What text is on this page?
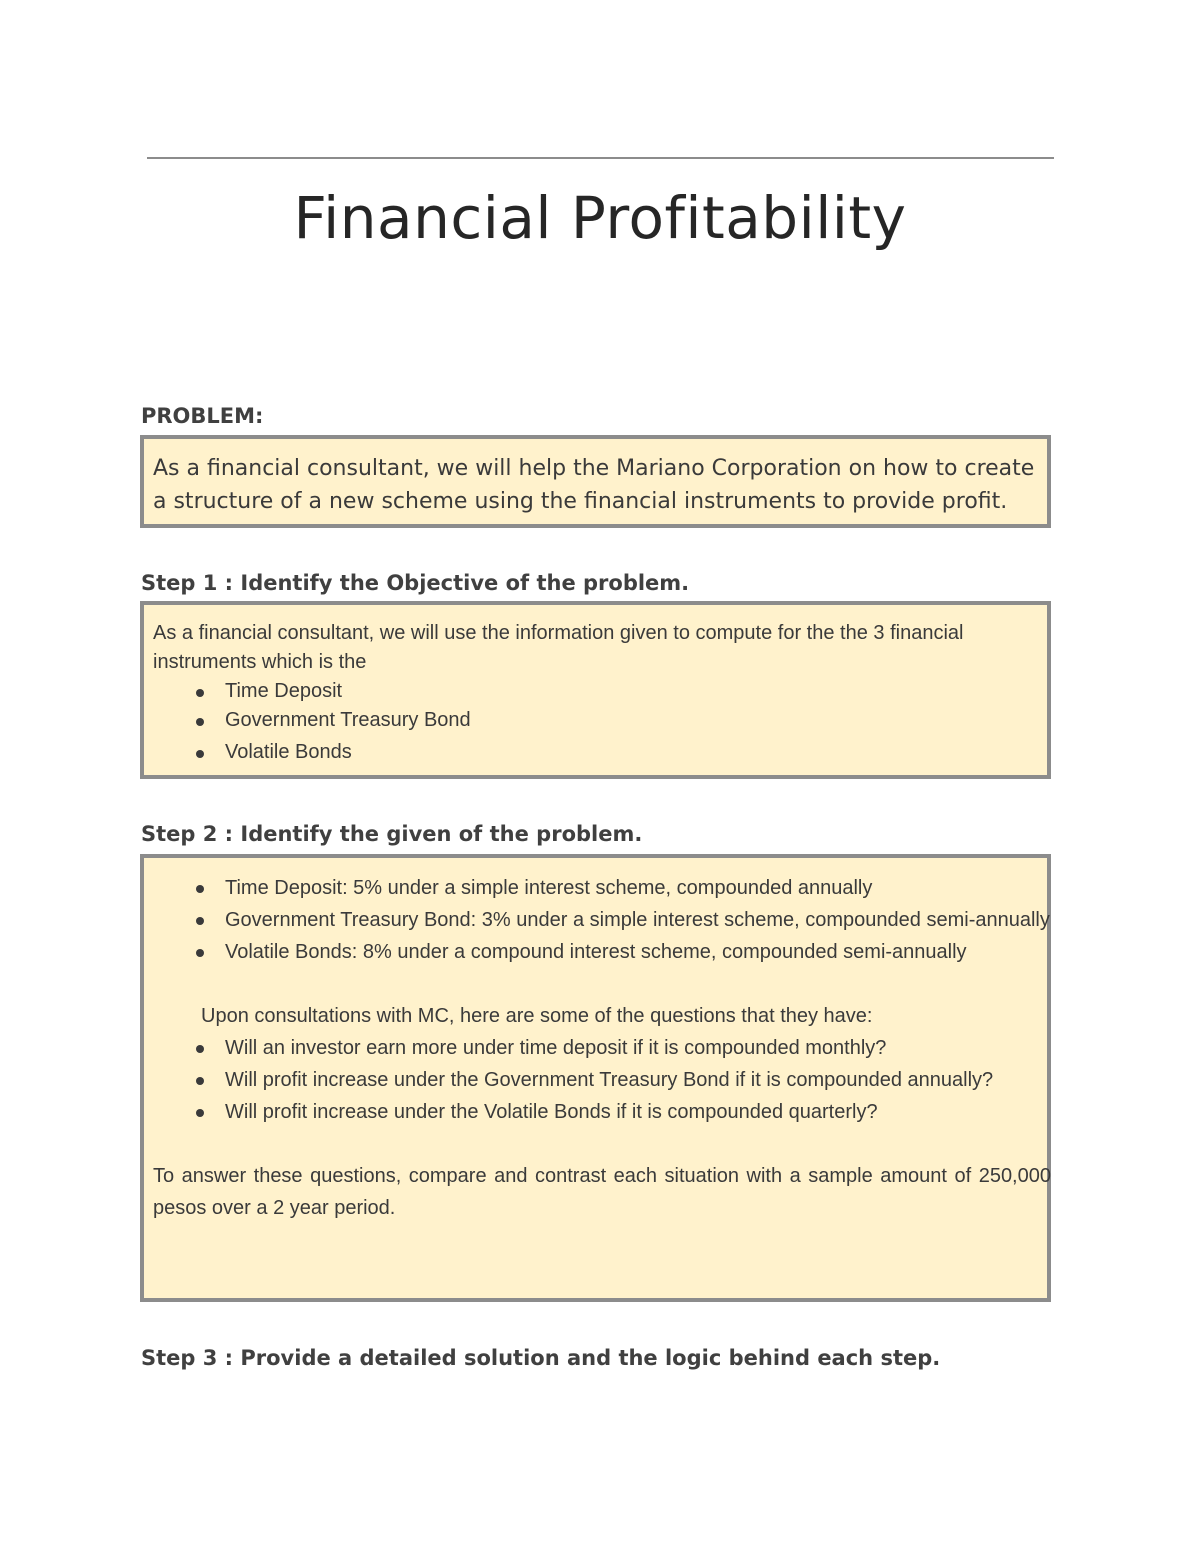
Financial Profitability
PROBLEM:

As a financial consultant, we will help the Mariano Corporation on how to create a structure of a new scheme using the financial instruments to provide profit.

Step 1 : Identify the Objective of the problem.

As a financial consultant, we will use the information given to compute for the the 3 financial instruments which is the

Time Deposit
Government Treasury Bond
Volatile Bonds
Step 2 : Identify the given of the problem.
Time Deposit: 5% under a simple interest scheme, compounded annually
Government Treasury Bond: 3% under a simple interest scheme, compounded semi-annually
Volatile Bonds: 8% under a compound interest scheme, compounded semi-annually

Upon consultations with MC, here are some of the questions that they have:

Will an investor earn more under time deposit if it is compounded monthly?
Will profit increase under the Government Treasury Bond if it is compounded annually?
Will profit increase under the Volatile Bonds if it is compounded quarterly?

To answer these questions, compare and contrast each situation with a sample amount of 250,000 pesos over a 2 year period.

Step 3 : Provide a detailed solution and the logic behind each step.
